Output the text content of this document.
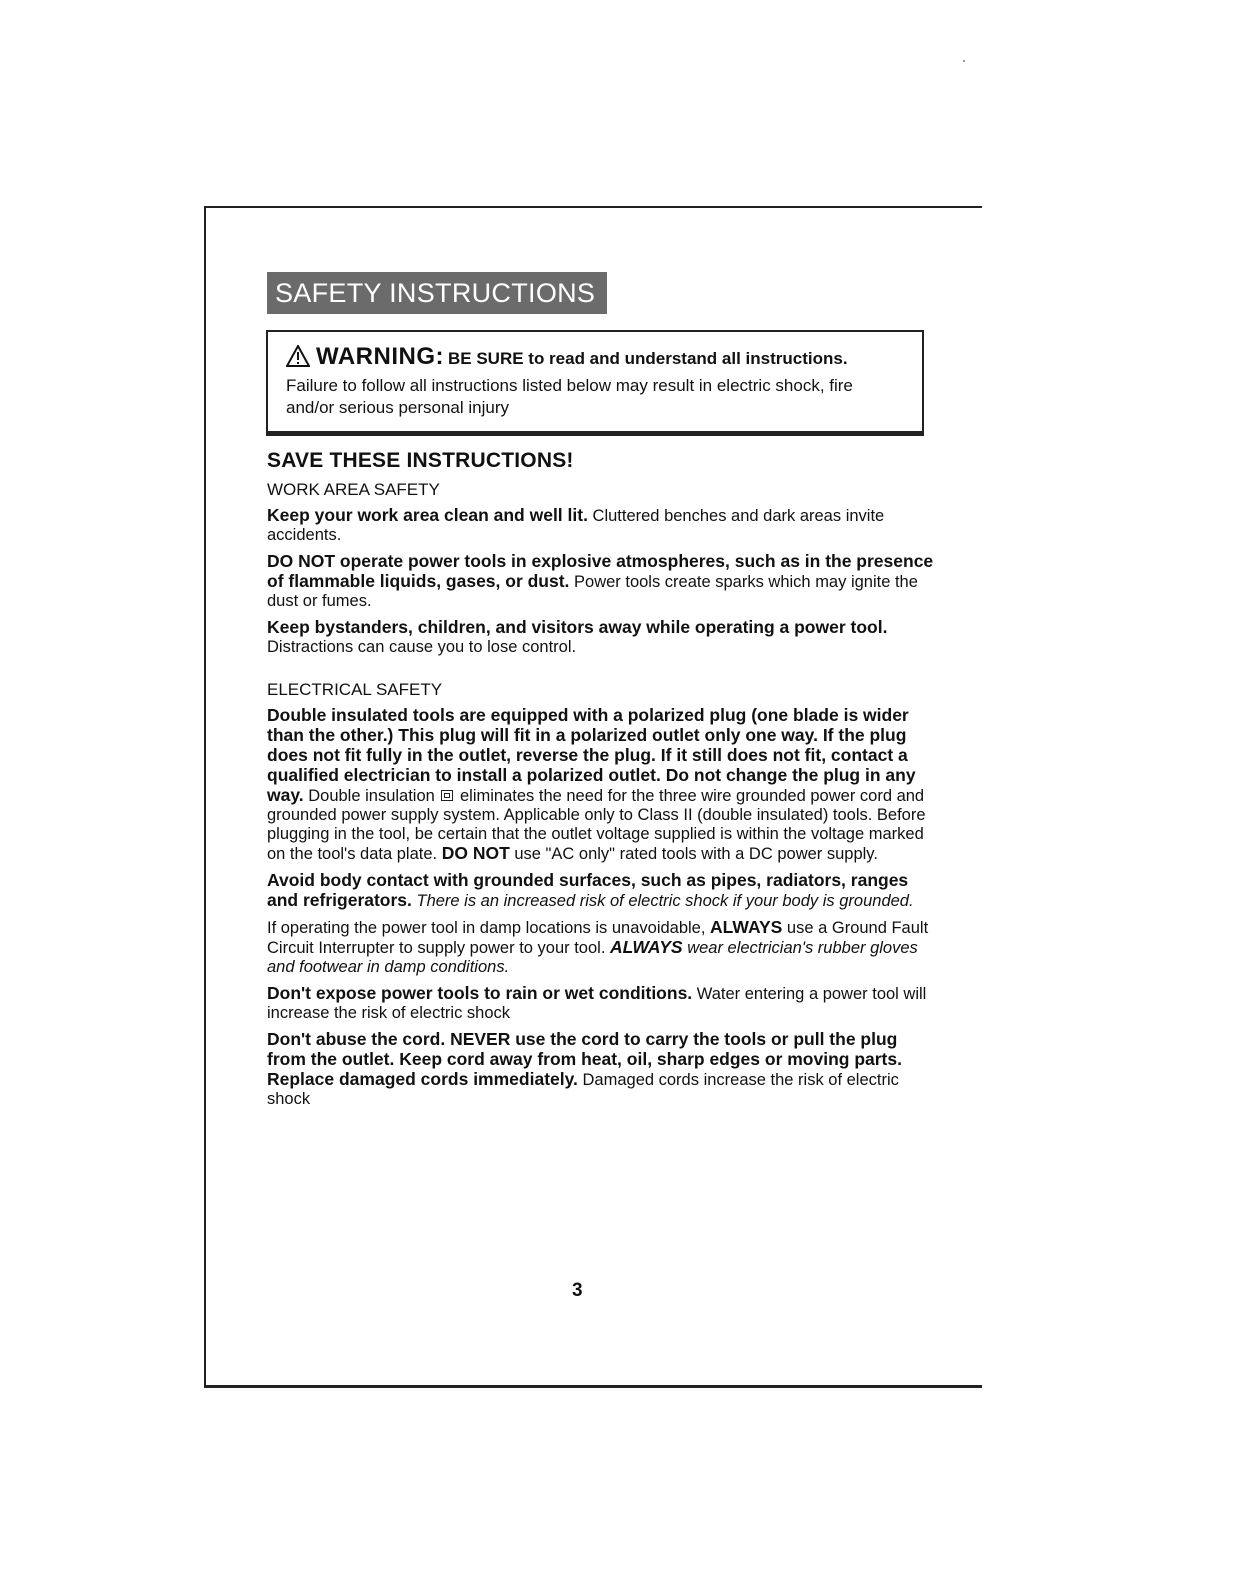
SAFETY INSTRUCTIONS
WARNING: BE SURE to read and understand all instructions.
Failure to follow all instructions listed below may result in electric shock, fire and/or serious personal injury
SAVE THESE INSTRUCTIONS!
WORK AREA SAFETY

Keep your work area clean and well lit. Cluttered benches and dark areas invite accidents.

DO NOT operate power tools in explosive atmospheres, such as in the presence of flammable liquids, gases, or dust. Power tools create sparks which may ignite the dust or fumes.

Keep bystanders, children, and visitors away while operating a power tool. Distractions can cause you to lose control.

ELECTRICAL SAFETY

Double insulated tools are equipped with a polarized plug (one blade is wider than the other.) This plug will fit in a polarized outlet only one way. If the plug does not fit fully in the outlet, reverse the plug. If it still does not fit, contact a qualified electrician to install a polarized outlet. Do not change the plug in any way. Double insulation  eliminates the need for the three wire grounded power cord and grounded power supply system. Applicable only to Class II (double insulated) tools. Before plugging in the tool, be certain that the outlet voltage supplied is within the voltage marked on the tool's data plate. DO NOT use "AC only" rated tools with a DC power supply.

Avoid body contact with grounded surfaces, such as pipes, radiators, ranges and refrigerators. There is an increased risk of electric shock if your body is grounded.

If operating the power tool in damp locations is unavoidable, ALWAYS use a Ground Fault Circuit Interrupter to supply power to your tool. ALWAYS wear electrician's rubber gloves and footwear in damp conditions.

Don't expose power tools to rain or wet conditions. Water entering a power tool will increase the risk of electric shock

Don't abuse the cord. NEVER use the cord to carry the tools or pull the plug from the outlet. Keep cord away from heat, oil, sharp edges or moving parts. Replace damaged cords immediately. Damaged cords increase the risk of electric shock

3
